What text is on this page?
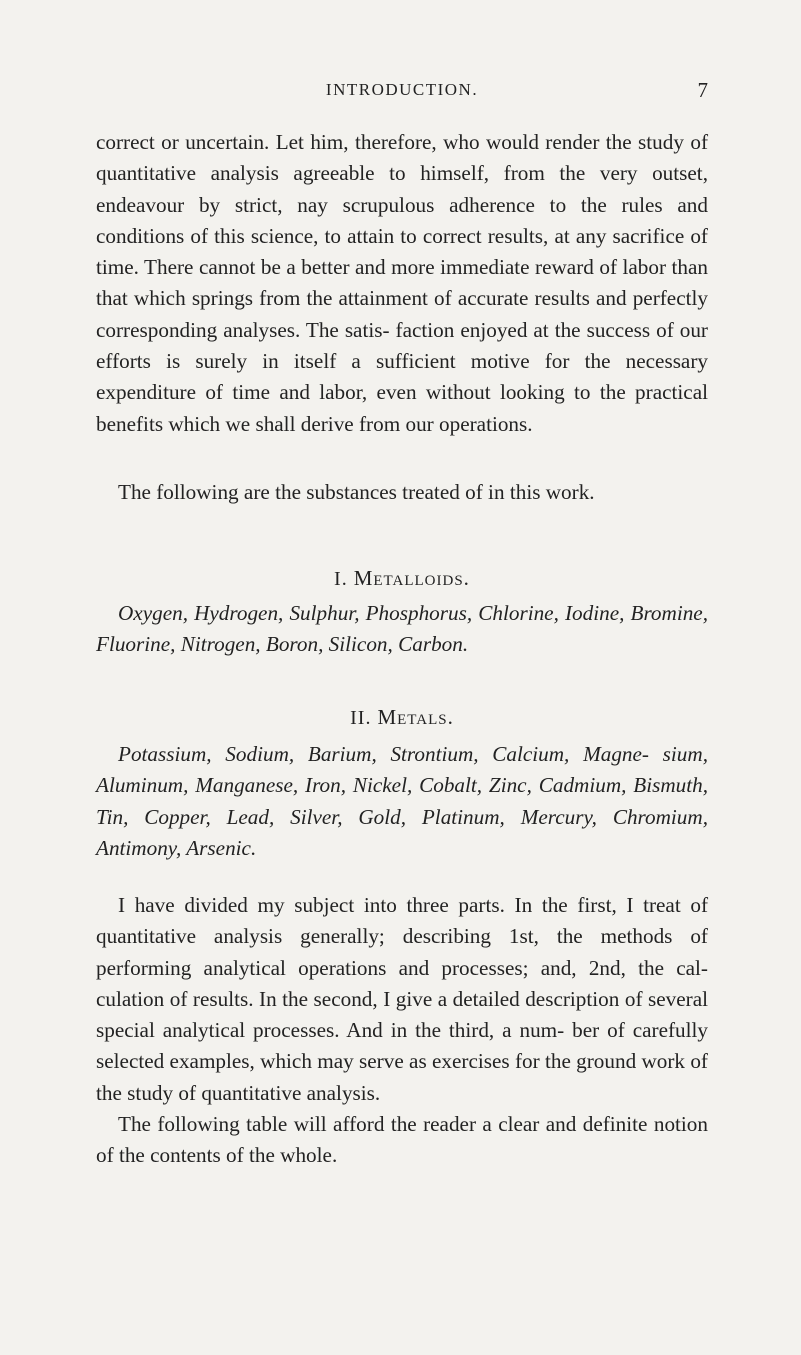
INTRODUCTION.	7

correct or uncertain. Let him, therefore, who would render the study of quantitative analysis agreeable to himself, from the very outset, endeavour by strict, nay scrupulous adherence to the rules and conditions of this science, to attain to correct results, at any sacrifice of time. There cannot be a better and more immediate reward of labor than that which springs from the attainment of accurate results and perfectly corresponding analyses. The satis- faction enjoyed at the success of our efforts is surely in itself a sufficient motive for the necessary expenditure of time and labor, even without looking to the practical benefits which we shall derive from our operations.

The following are the substances treated of in this work.

I. Metalloids.

Oxygen, Hydrogen, Sulphur, Phosphorus, Chlorine, Iodine, Bromine, Fluorine, Nitrogen, Boron, Silicon, Carbon.

II. Metals.

Potassium, Sodium, Barium, Strontium, Calcium, Magne- sium, Aluminum, Manganese, Iron, Nickel, Cobalt, Zinc, Cadmium, Bismuth, Tin, Copper, Lead, Silver, Gold, Platinum, Mercury, Chromium, Antimony, Arsenic.

I have divided my subject into three parts. In the first, I treat of quantitative analysis generally; describing 1st, the methods of performing analytical operations and processes; and, 2nd, the cal- culation of results. In the second, I give a detailed description of several special analytical processes. And in the third, a num- ber of carefully selected examples, which may serve as exercises for the ground work of the study of quantitative analysis.

The following table will afford the reader a clear and definite notion of the contents of the whole.
